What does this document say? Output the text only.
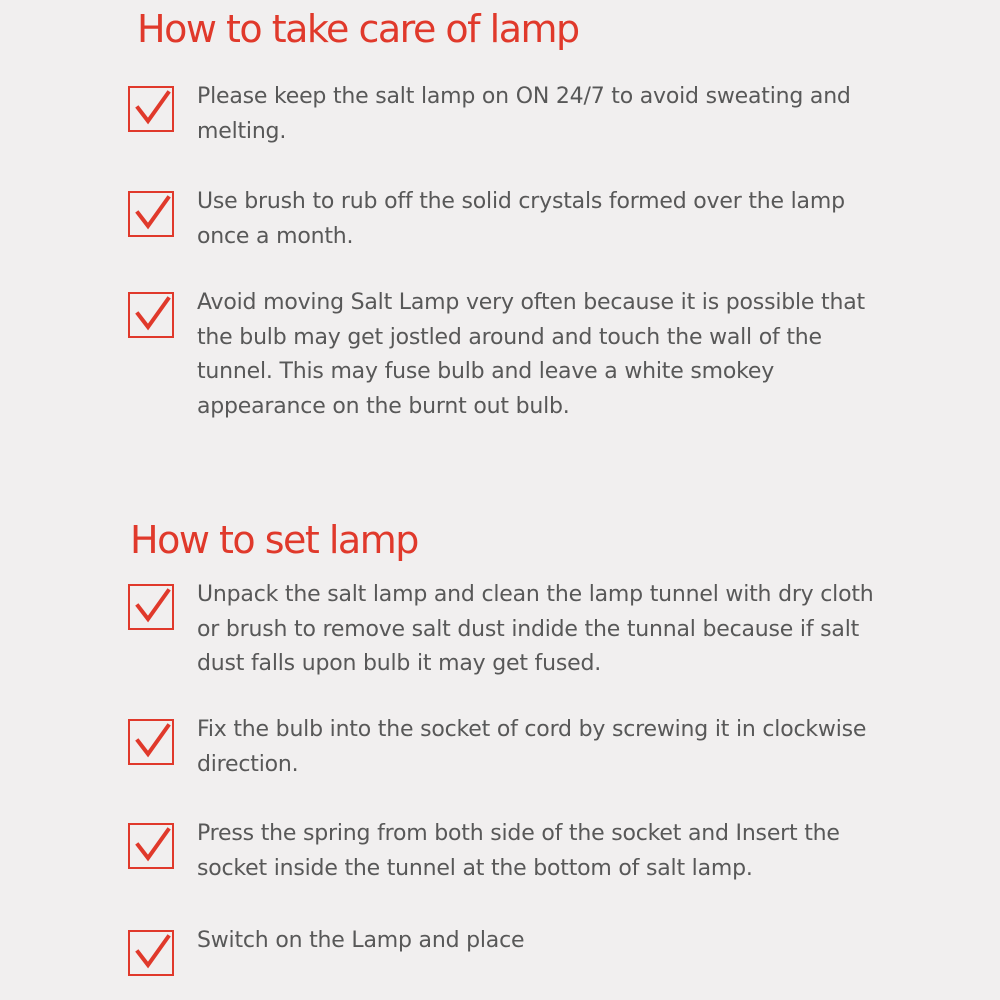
How to take care of lamp
Please keep the salt lamp on ON 24/7 to avoid sweating and melting.
Use brush to rub off the solid crystals formed over the lamp once a month.
Avoid moving Salt Lamp very often because it is possible that the bulb may get jostled around and touch the wall of the tunnel. This may fuse bulb and leave a white smokey appearance on the burnt out bulb.
How to set lamp
Unpack the salt lamp and clean the lamp tunnel with dry cloth or brush to remove salt dust indide the tunnal because if salt dust falls upon bulb it may get fused.
Fix the bulb into the socket of cord by screwing it in clockwise direction.
Press the spring from both side of the socket and Insert the socket inside the tunnel at the bottom of salt lamp.
Switch on the Lamp and place
